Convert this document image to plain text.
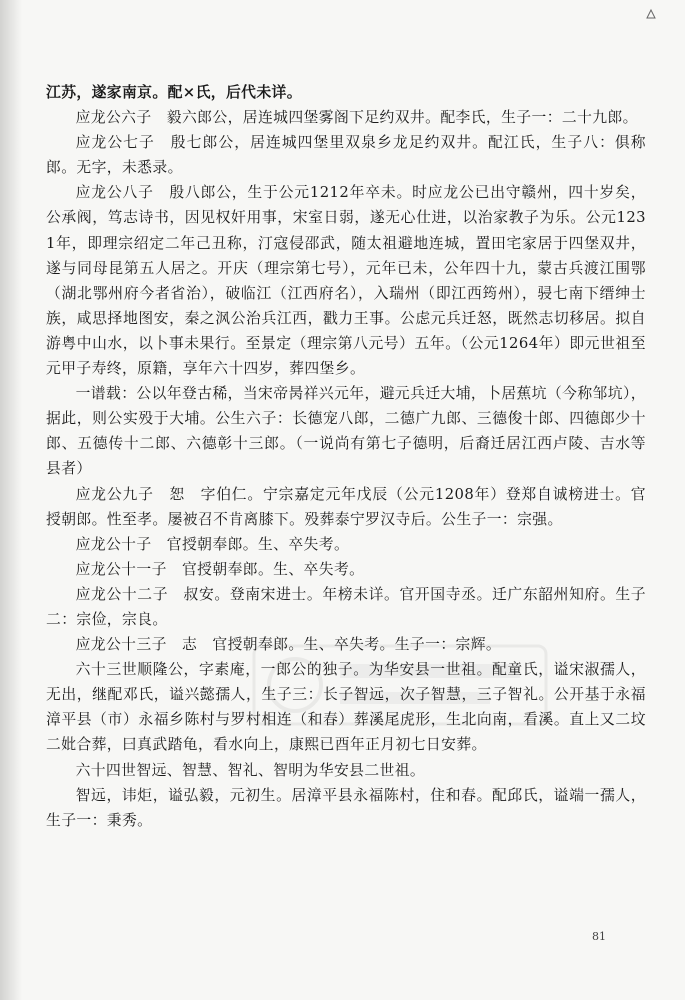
江苏，遂家南京。配×氏，后代未详。

应龙公六子　毅六郎公，居连城四堡雾阁下足约双井。配李氏，生子一：二十九郎。

应龙公七子　殷七郎公，居连城四堡里双泉乡龙足约双井。配江氏，生子八：俱称郎。无字，未悉录。

应龙公八子　殷八郎公，生于公元1212年卒未。时应龙公已出守赣州，四十岁矣，公承阀，笃志诗书，因见权奸用事，宋室日弱，遂无心仕进，以治家教子为乐。公元1231年，即理宗绍定二年己丑称，汀寇侵邵武，随太祖避地连城，置田宅家居于四堡双井，遂与同母昆第五人居之。开庆（理宗第七号），元年已未，公年四十九，蒙古兵渡江围鄂（湖北鄂州府今者省治），破临江（江西府名），入瑞州（即江西筠州），骎七南下缙绅士族，咸思择地图安，秦之沨公治兵江西，戳力王事。公虑元兵迁怒，既然志切移居。拟自游粤中山水，以卜事未果行。至景定（理宗第八元号）五年。（公元1264年）即元世祖至元甲子寿终，原籍，享年六十四岁，葬四堡乡。

一谱载：公以年登古稀，当宋帝昺祥兴元年，避元兵迁大埔，卜居蕉坑（今称邹坑），据此，则公实殁于大埔。公生六子：长德宠八郎，二德广九郎、三德俊十郎、四德郎少十郎、五德传十二郎、六德彰十三郎。（一说尚有第七子德明，后裔迁居江西卢陵、吉水等县者）

应龙公九子　恕　字伯仁。宁宗嘉定元年戊辰（公元1208年）登郑自诚榜进士。官授朝郎。性至孝。屡被召不肯离膝下。殁葬泰宁罗汉寺后。公生子一：宗强。

应龙公十子　官授朝奉郎。生、卒失考。

应龙公十一子　官授朝奉郎。生、卒失考。

应龙公十二子　叔安。登南宋进士。年榜未详。官开国寺丞。迁广东韶州知府。生子二：宗俭，宗良。

应龙公十三子　志　官授朝奉郎。生、卒失考。生子一：宗辉。

六十三世顺隆公，字素庵，一郎公的独子。为华安县一世祖。配童氏，谥宋淑孺人，无出，继配邓氏，谥兴懿孺人，生子三：长子智远，次子智慧，三子智礼。公开基于永福漳平县（市）永福乡陈村与罗村相连（和春）葬溪尾虎形，生北向南，看溪。直上又二坟二妣合葬，曰真武踏龟，看水向上，康熙已酉年正月初七日安葬。

六十四世智远、智慧、智礼、智明为华安县二世祖。

智远，讳炬，谥弘毅，元初生。居漳平县永福陈村，住和春。配邱氏，谥端一孺人，生子一：秉秀。

81
